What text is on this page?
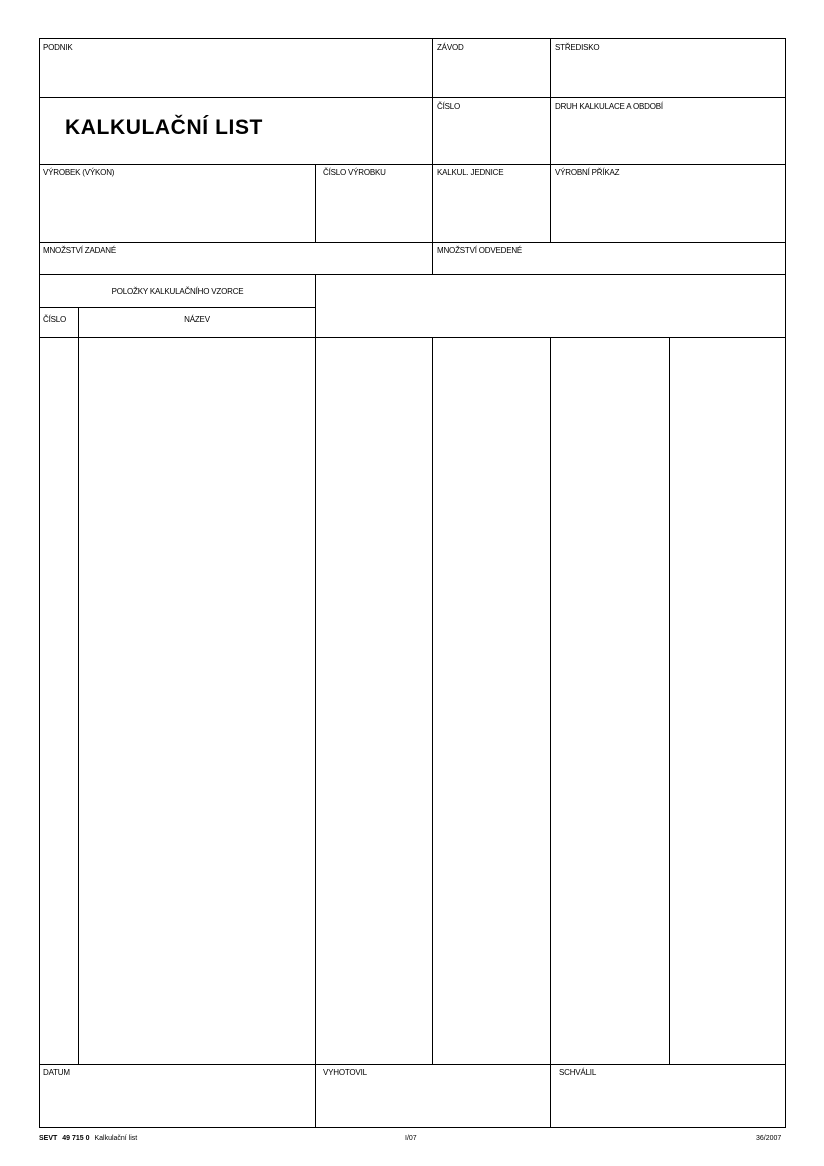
PODNIK	ZÁVOD	STŘEDISKO
KALKULAČNÍ LIST
ČÍSLO	DRUH KALKULACE A OBDOBÍ
VÝROBEK (VÝKON)	ČÍSLO VÝROBKU	KALKUL. JEDNICE	VÝROBNÍ PŘÍKAZ
MNOŽSTVÍ ZADANÉ	MNOŽSTVÍ ODVEDENÉ
POLOŽKY KALKULAČNÍHO VZORCE
ČÍSLO	NÁZEV
DATUM	VYHOTOVIL	SCHVÁLIL
SEVT 49 715 0 Kalkulační list	I/07	36/2007
